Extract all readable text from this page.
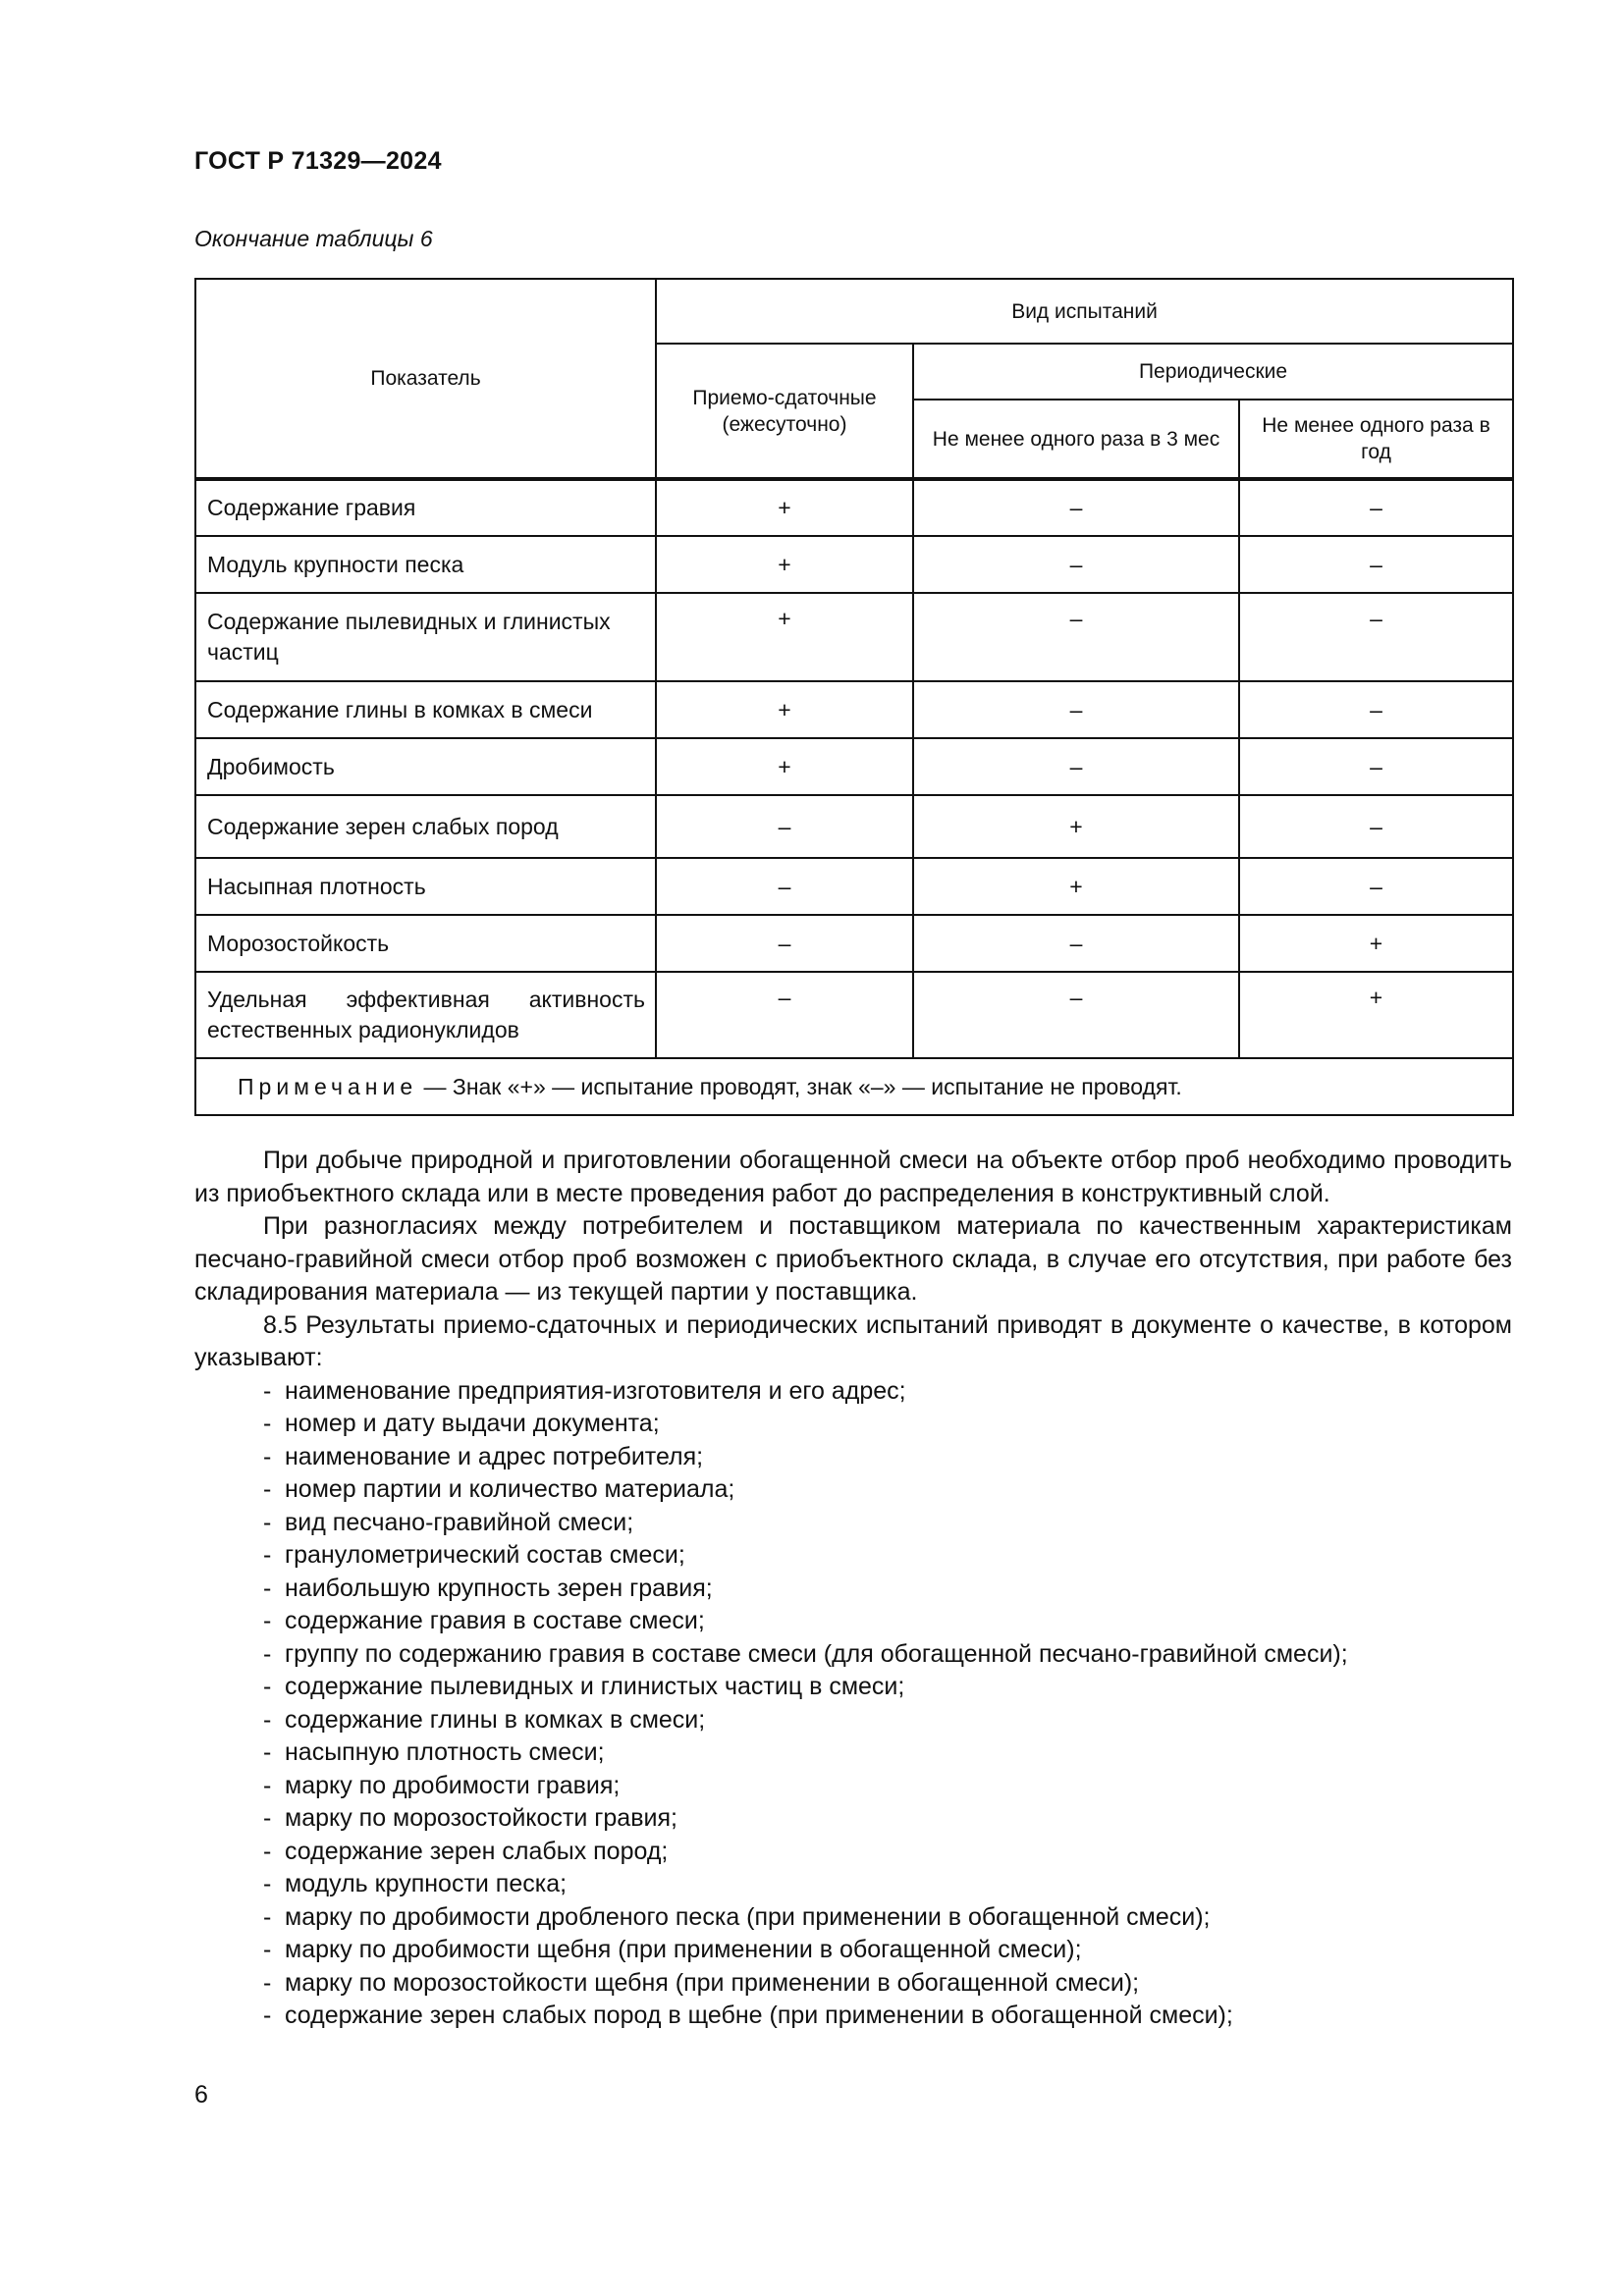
ГОСТ Р 71329—2024
Окончание таблицы 6
Показатель	Вид испытаний		
	Приемо-сдаточные (ежесуточно)	Периодические	
		Не менее одного раза в 3 мес	Не менее одного раза в год
Содержание гравия	+	–	–
Модуль крупности песка	+	–	–
Содержание пылевидных и глинистых частиц	+	–	–
Содержание глины в комках в смеси	+	–	–
Дробимость	+	–	–
Содержание зерен слабых пород	–	+	–
Насыпная плотность	–	+	–
Морозостойкость	–	–	+
Удельная эффективная активность естественных радионуклидов	–	–	+
Примечание — Знак «+» — испытание проводят, знак «–» — испытание не проводят.			

При добыче природной и приготовлении обогащенной смеси на объекте отбор проб необходимо проводить из приобъектного склада или в месте проведения работ до распределения в конструктивный слой.

При разногласиях между потребителем и поставщиком материала по качественным характеристикам песчано-гравийной смеси отбор проб возможен с приобъектного склада, в случае его отсутствия, при работе без складирования материала — из текущей партии у поставщика.

8.5 Результаты приемо-сдаточных и периодических испытаний приводят в документе о качестве, в котором указывают:

- наименование предприятия-изготовителя и его адрес;
- номер и дату выдачи документа;
- наименование и адрес потребителя;
- номер партии и количество материала;
- вид песчано-гравийной смеси;
- гранулометрический состав смеси;
- наибольшую крупность зерен гравия;
- содержание гравия в составе смеси;
- группу по содержанию гравия в составе смеси (для обогащенной песчано-гравийной смеси);
- содержание пылевидных и глинистых частиц в смеси;
- содержание глины в комках в смеси;
- насыпную плотность смеси;
- марку по дробимости гравия;
- марку по морозостойкости гравия;
- содержание зерен слабых пород;
- модуль крупности песка;
- марку по дробимости дробленого песка (при применении в обогащенной смеси);
- марку по дробимости щебня (при применении в обогащенной смеси);
- марку по морозостойкости щебня (при применении в обогащенной смеси);
- содержание зерен слабых пород в щебне (при применении в обогащенной смеси);
6
